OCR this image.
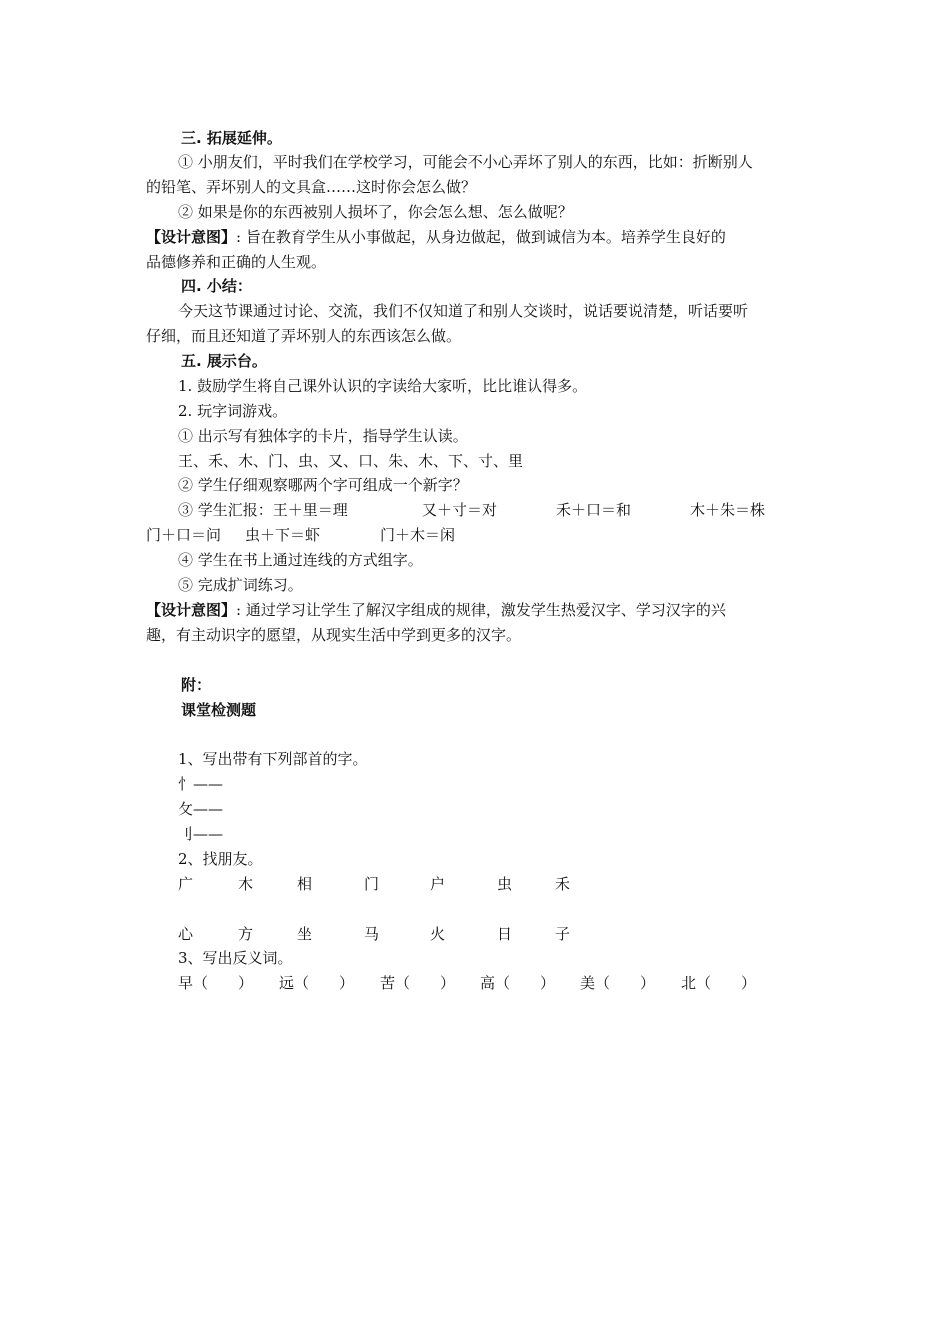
三. 拓展延伸。
① 小朋友们，平时我们在学校学习，可能会不小心弄坏了别人的东西，比如：折断别人
的铅笔、弄坏别人的文具盒……这时你会怎么做？
② 如果是你的东西被别人损坏了，你会怎么想、怎么做呢？
【设计意图】: 旨在教育学生从小事做起，从身边做起，做到诚信为本。培养学生良好的
品德修养和正确的人生观。
四. 小结：
今天这节课通过讨论、交流，我们不仅知道了和别人交谈时，说话要说清楚，听话要听
仔细，而且还知道了弄坏别人的东西该怎么做。
五. 展示台。
1. 鼓励学生将自己课外认识的字读给大家听，比比谁认得多。
2. 玩字词游戏。
① 出示写有独体字的卡片，指导学生认读。
王、禾、木、门、虫、又、口、朱、木、下、寸、里
② 学生仔细观察哪两个字可组成一个新字？
③ 学生汇报：王＋里＝理	又＋寸＝对	禾＋口＝和	木＋朱＝株
门＋口＝问 虫＋下＝虾	门＋木＝闲
④ 学生在书上通过连线的方式组字。
⑤ 完成扩词练习。
【设计意图】: 通过学习让学生了解汉字组成的规律，激发学生热爱汉字、学习汉字的兴
趣，有主动识字的愿望，从现实生活中学到更多的汉字。
附：
课堂检测题
1、写出带有下列部首的字。
忄——
攵——
刂——
2、找朋友。
广	木	相	门	户	虫	禾
心	方	坐	马	火	日	子
3、写出反义词。
早（　　） 远（　　） 苦（　　） 高（　　） 美（　　） 北（　　）
